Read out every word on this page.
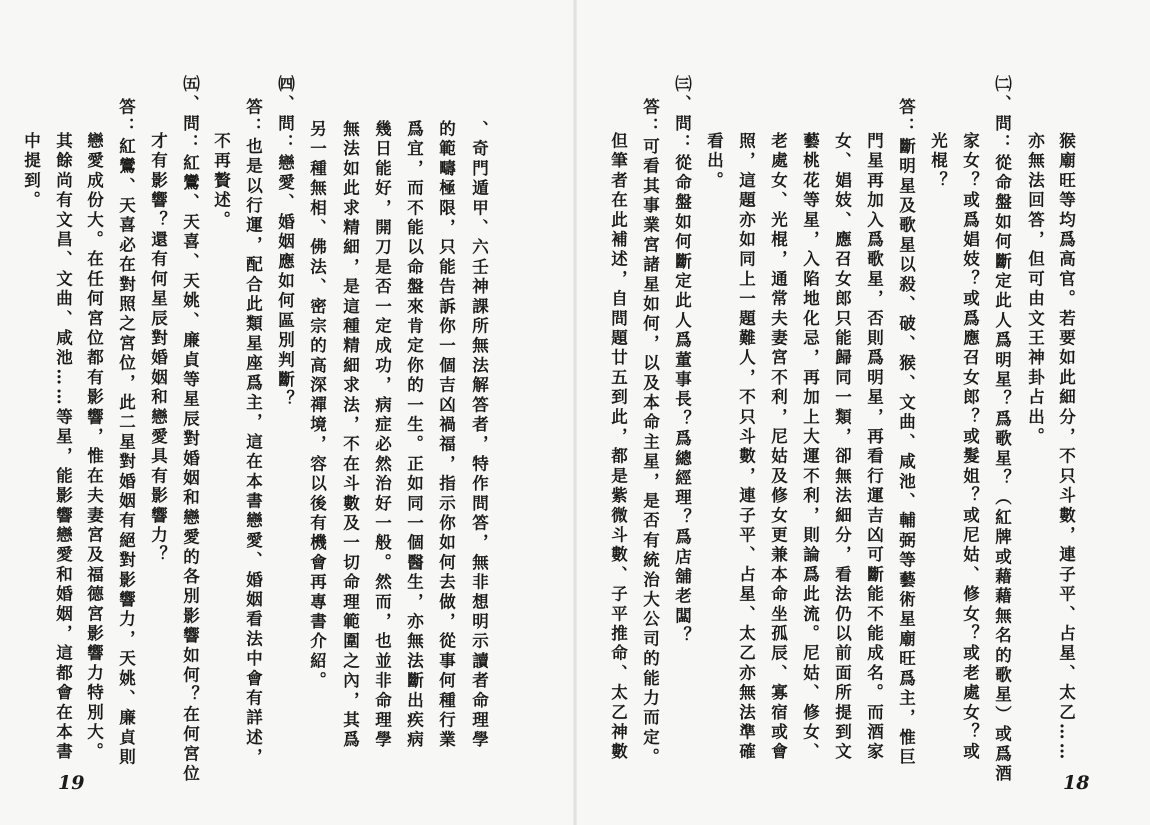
、奇門遁甲、六壬神課所無法解答者，特作問答，無非想明示讀者命理學
的範疇極限，只能告訴你一個吉凶禍福，指示你如何去做，從事何種行業
爲宜，而不能以命盤來肯定你的一生。正如同一個醫生，亦無法斷出疾病
幾日能好，開刀是否一定成功，病症必然治好一般。然而，也並非命理學
無法如此求精細，是這種精細求法，不在斗數及一切命理範圍之內，其爲
另一種無相、佛法、密宗的高深禪境，容以後有機會再專書介紹。
㈣、問：戀愛、婚姻應如何區別判斷？
答：也是以行運，配合此類星座爲主，這在本書戀愛、婚姻看法中會有詳述，
不再贅述。
㈤、問：紅鸞、天喜、天姚、廉貞等星辰對婚姻和戀愛的各別影響如何？在何宮位
才有影響？還有何星辰對婚姻和戀愛具有影響力？
答：紅鸞、天喜必在對照之宮位，此二星對婚姻有絕對影響力，天姚、廉貞則
戀愛成份大。在任何宮位都有影響，惟在夫妻宮及福德宮影響力特別大。
其餘尚有文昌、文曲、咸池……等星，能影響戀愛和婚姻，這都會在本書
中提到。
19
猴廟旺等均爲高官。若要如此細分，不只斗數，連子平、占星、太乙……
亦無法回答，但可由文王神卦占出。
㈡、問：從命盤如何斷定此人爲明星？爲歌星？（紅牌或藉藉無名的歌星）或爲酒
家女？或爲娼妓？或爲應召女郎？或髮姐？或尼姑、修女？或老處女？或
光棍？
答：斷明星及歌星以殺、破、猴、文曲、咸池、輔弼等藝術星廟旺爲主，惟巨
門星再加入爲歌星，否則爲明星，再看行運吉凶可斷能不能成名。而酒家
女、娼妓、應召女郎只能歸同一類，卻無法細分，看法仍以前面所提到文
藝桃花等星，入陷地化忌，再加上大運不利，則論爲此流。尼姑、修女、
老處女、光棍，通常夫妻宮不利，尼姑及修女更兼本命坐孤辰、寡宿或會
照，這題亦如同上一題難人，不只斗數，連子平、占星、太乙亦無法準確
看出。
㈢、問：從命盤如何斷定此人爲董事長？爲總經理？爲店舖老闆？
答：可看其事業宮諸星如何，以及本命主星，是否有統治大公司的能力而定。
但筆者在此補述，自問題廿五到此，都是紫微斗數、子平推命、太乙神數
18
